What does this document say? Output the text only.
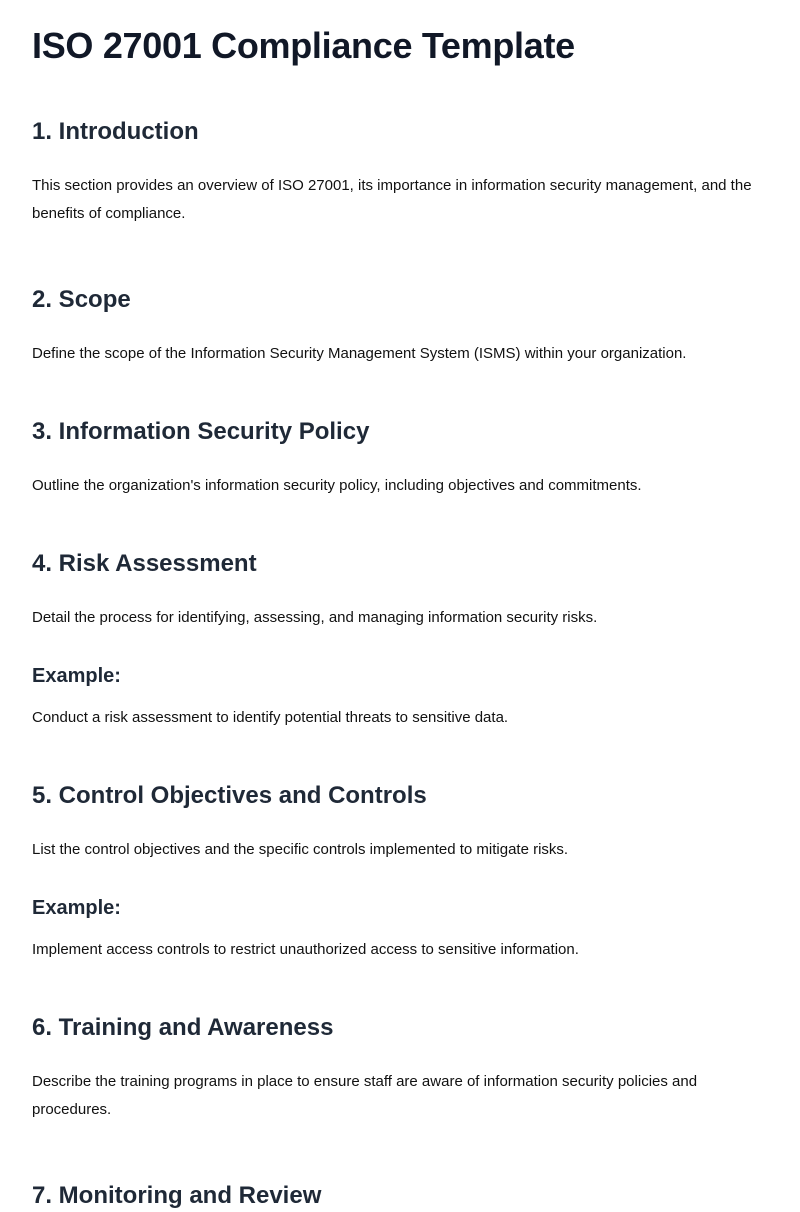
ISO 27001 Compliance Template
1. Introduction

This section provides an overview of ISO 27001, its importance in information security management, and the benefits of compliance.

2. Scope

Define the scope of the Information Security Management System (ISMS) within your organization.

3. Information Security Policy

Outline the organization's information security policy, including objectives and commitments.

4. Risk Assessment

Detail the process for identifying, assessing, and managing information security risks.

Example:

Conduct a risk assessment to identify potential threats to sensitive data.

5. Control Objectives and Controls

List the control objectives and the specific controls implemented to mitigate risks.

Example:

Implement access controls to restrict unauthorized access to sensitive information.

6. Training and Awareness

Describe the training programs in place to ensure staff are aware of information security policies and procedures.

7. Monitoring and Review
